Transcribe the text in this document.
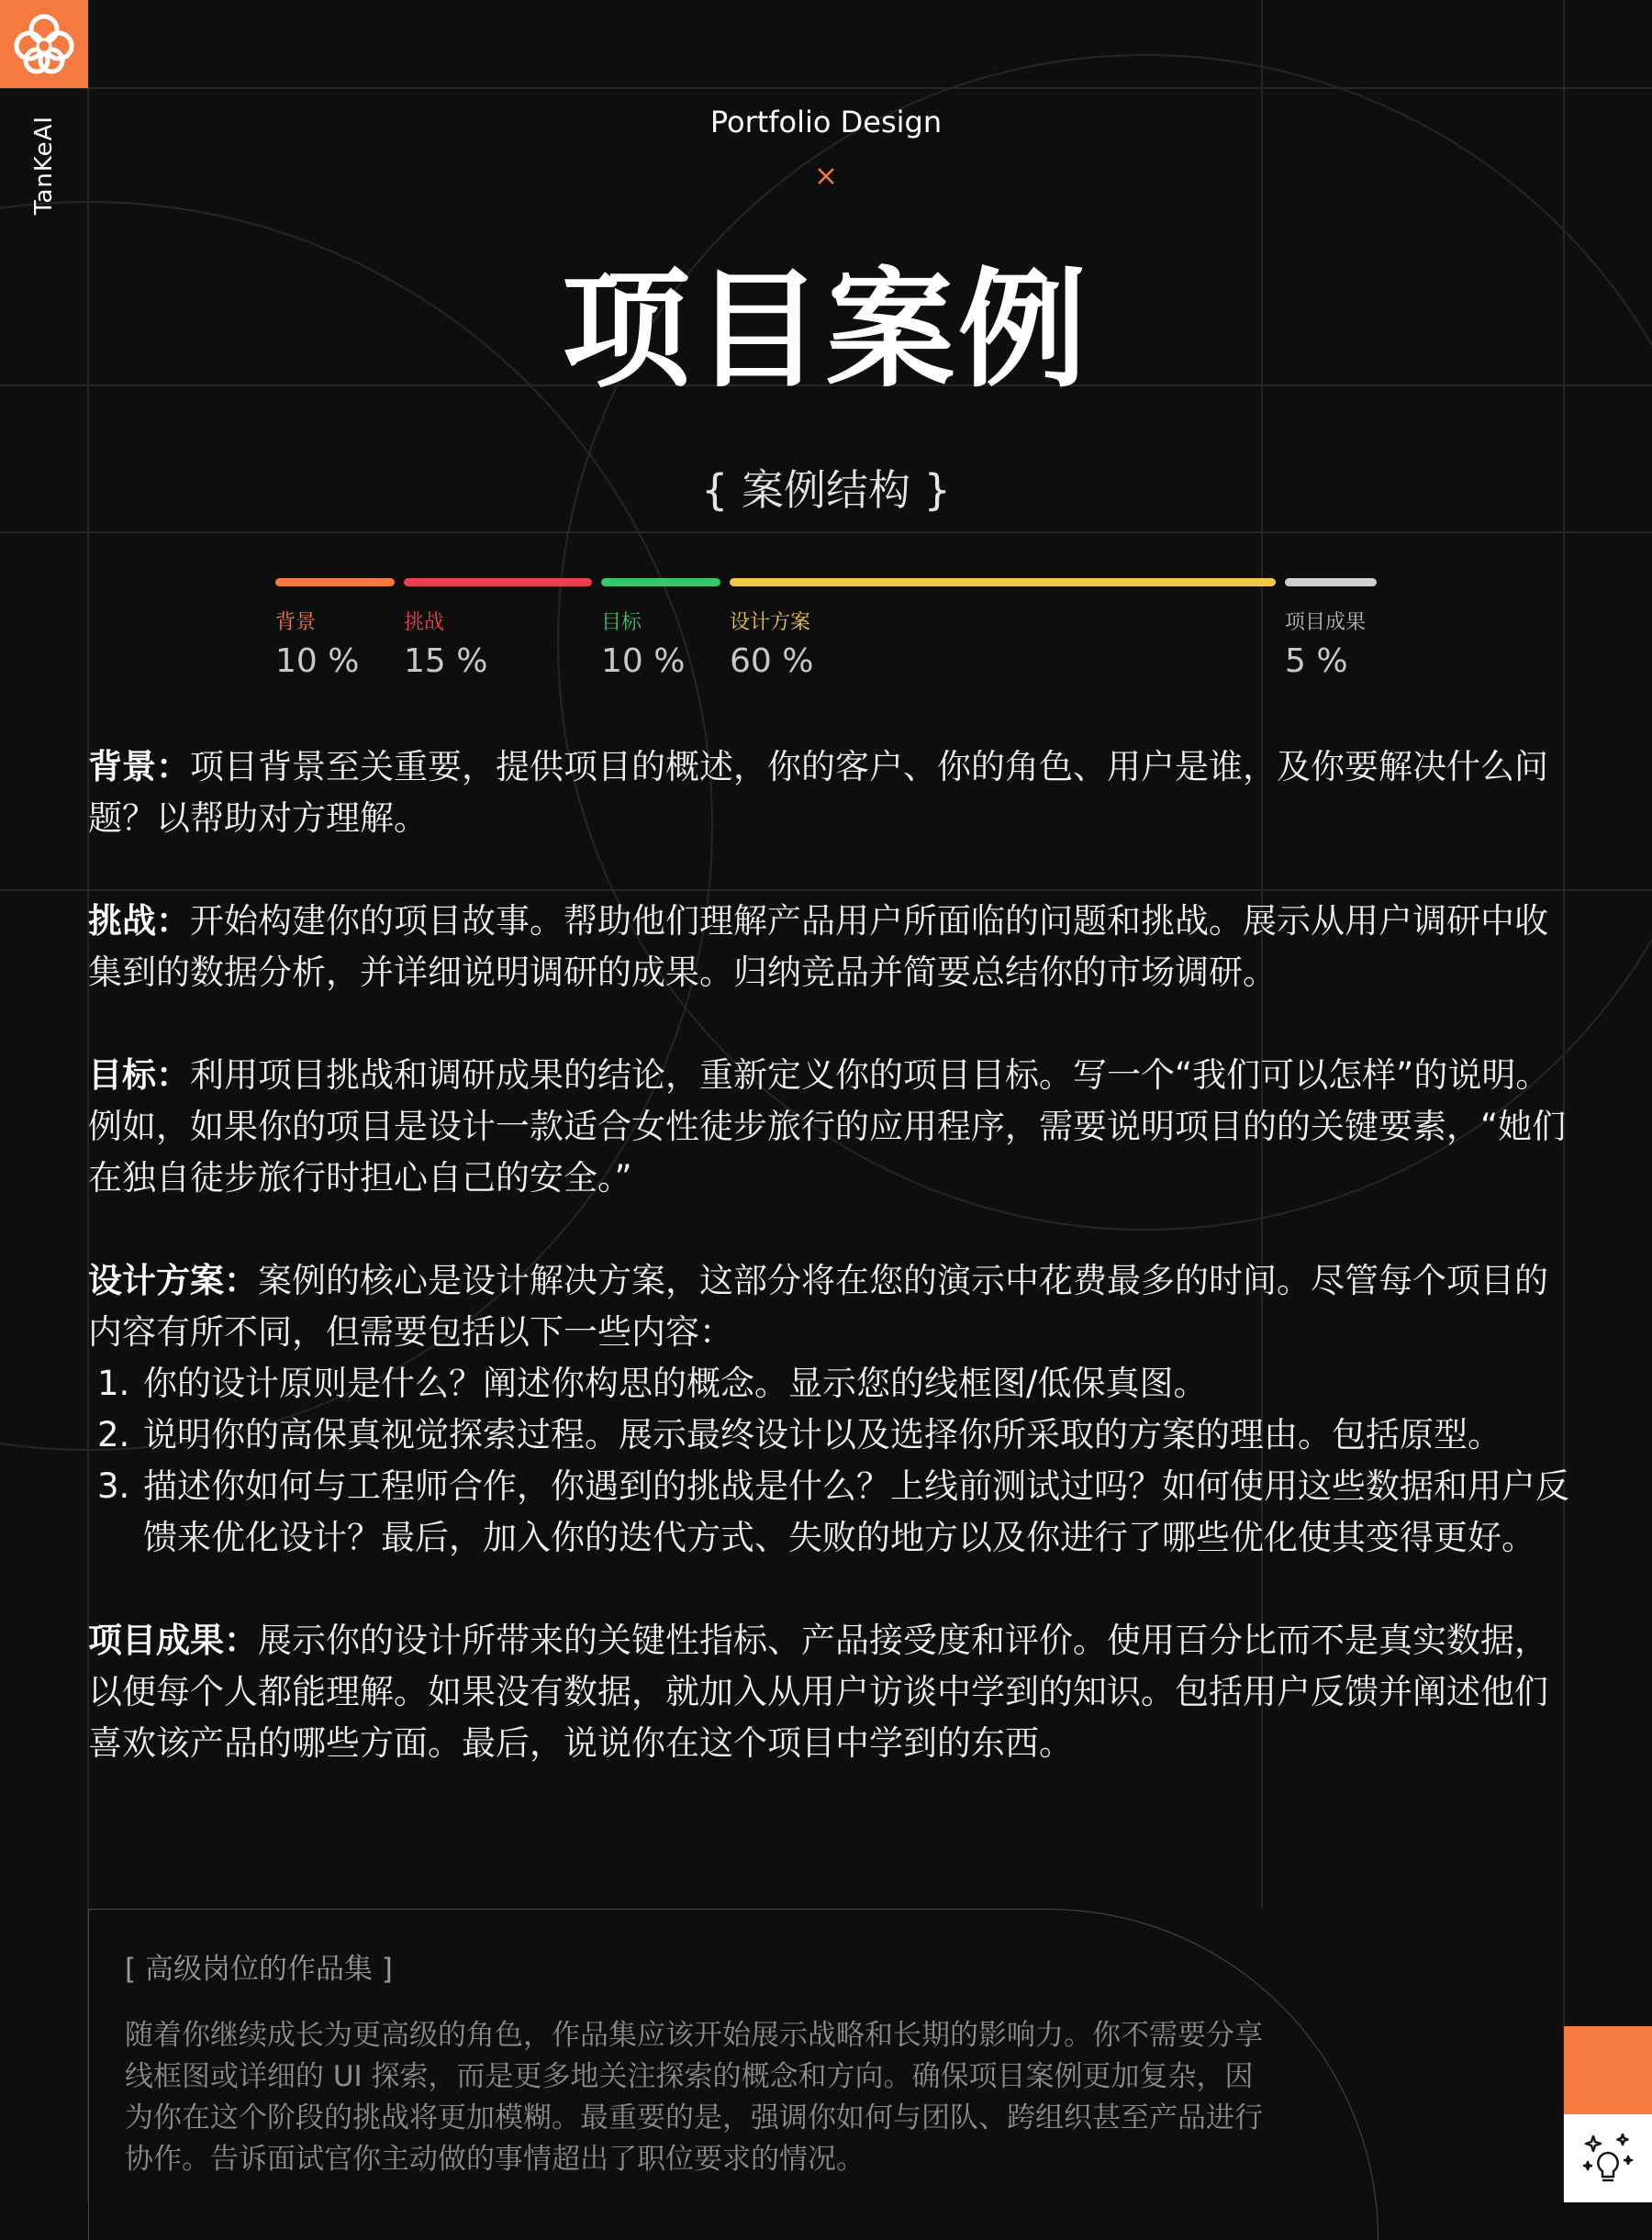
TanKeAI	Portfolio Design
项目案例
{ 案例结构 }
背景
10 %
挑战
15 %
目标
10 %
设计方案
60 %
项目成果
5 %

背景：项目背景至关重要，提供项目的概述，你的客户、你的角色、用户是谁，及你要解决什么问题？以帮助对方理解。

挑战：开始构建你的项目故事。帮助他们理解产品用户所面临的问题和挑战。展示从用户调研中收集到的数据分析，并详细说明调研的成果。归纳竞品并简要总结你的市场调研。

目标：利用项目挑战和调研成果的结论，重新定义你的项目目标。写一个“我们可以怎样”的说明。例如，如果你的项目是设计一款适合女性徒步旅行的应用程序，需要说明项目的的关键要素，“她们在独自徒步旅行时担心自己的安全。”

设计方案：案例的核心是设计解决方案，这部分将在您的演示中花费最多的时间。尽管每个项目的内容有所不同，但需要包括以下一些内容：
1. 你的设计原则是什么？阐述你构思的概念。显示您的线框图/低保真图。
2. 说明你的高保真视觉探索过程。展示最终设计以及选择你所采取的方案的理由。包括原型。
3. 描述你如何与工程师合作，你遇到的挑战是什么？上线前测试过吗？如何使用这些数据和用户反馈来优化设计？最后，加入你的迭代方式、失败的地方以及你进行了哪些优化使其变得更好。

项目成果：展示你的设计所带来的关键性指标、产品接受度和评价。使用百分比而不是真实数据，以便每个人都能理解。如果没有数据，就加入从用户访谈中学到的知识。包括用户反馈并阐述他们喜欢该产品的哪些方面。最后，说说你在这个项目中学到的东西。

[ 高级岗位的作品集 ]
随着你继续成长为更高级的角色，作品集应该开始展示战略和长期的影响力。你不需要分享线框图或详细的 UI 探索，而是更多地关注探索的概念和方向。确保项目案例更加复杂，因为你在这个阶段的挑战将更加模糊。最重要的是，强调你如何与团队、跨组织甚至产品进行协作。告诉面试官你主动做的事情超出了职位要求的情况。
